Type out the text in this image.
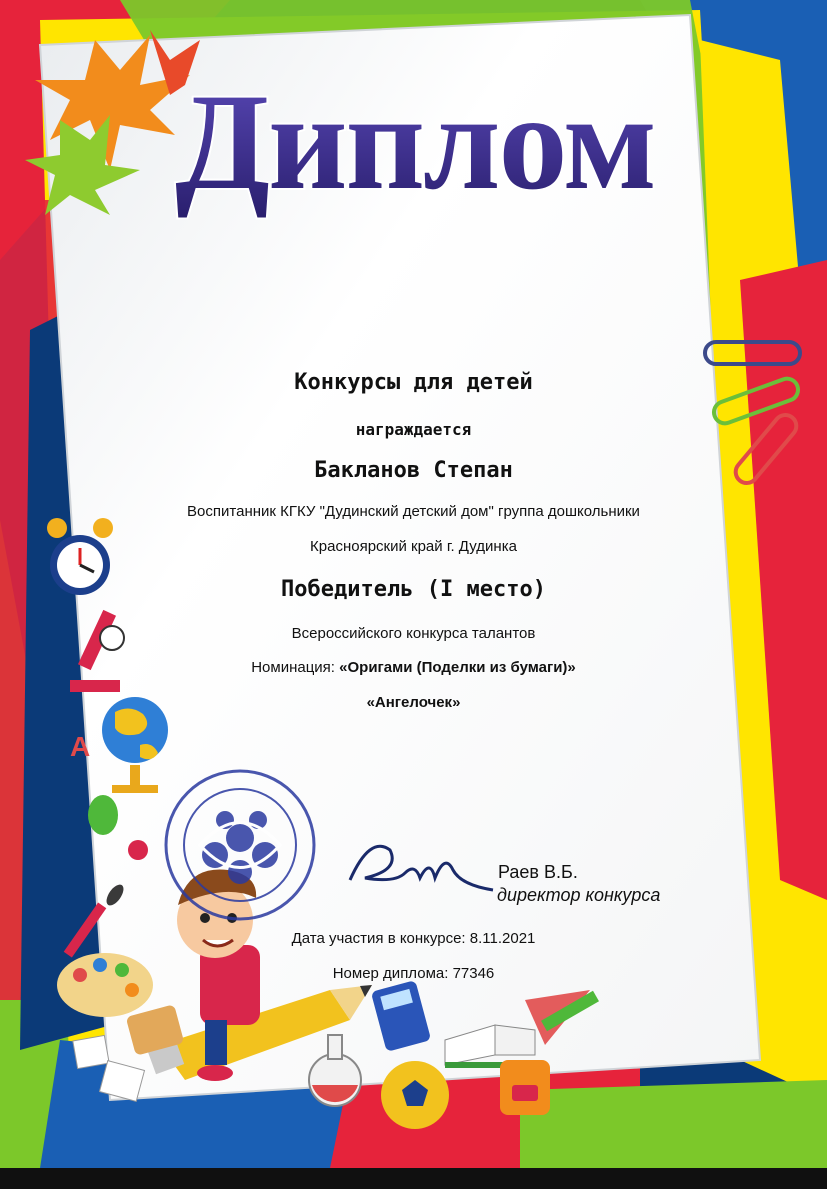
Диплом
A
Конкурсы для детей
награждается
Бакланов Степан
Воспитанник КГКУ "Дудинский детский дом" группа дошкольники
Красноярский край г. Дудинка
Победитель (I место)
Всероссийского конкурса талантов
Номинация: «Оригами (Поделки из бумаги)»
«Ангелочек»
Раев В.Б.
директор конкурса
Дата участия в конкурсе: 8.11.2021
Номер диплома: 77346
